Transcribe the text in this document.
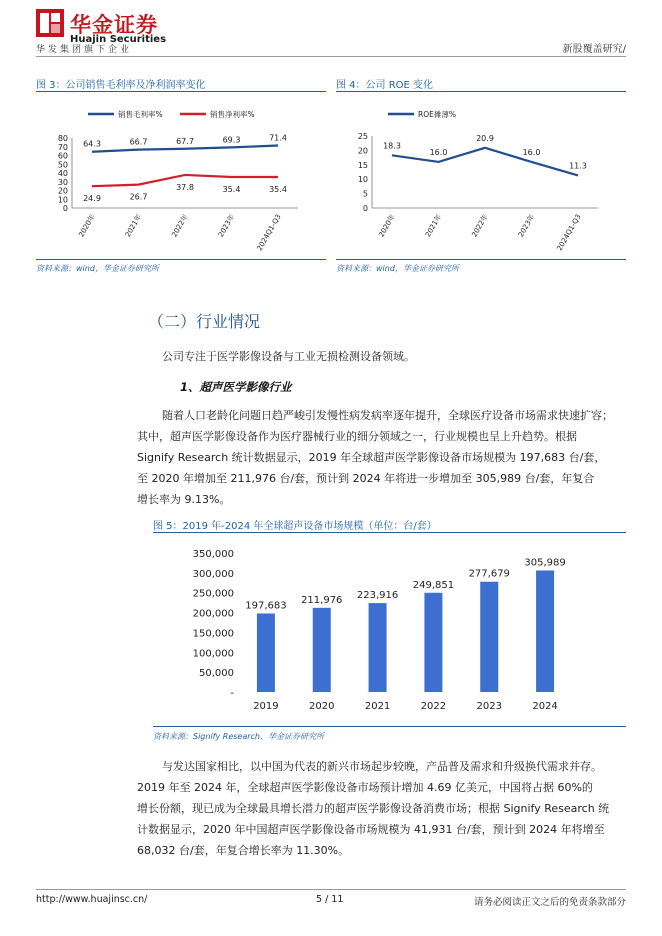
华金证券
Huajin Securities
华发集团旗下企业	新股覆盖研究/
图 3：公司销售毛利率及净利润率变化
销售毛利率%	销售净利率%
0
10
20
30
40
50
60
70
80
2020年	2021年	2022年	2023年	2024Q1-Q3
64.3	66.7	67.7	69.3	71.4
24.9	26.7
37.8	35.4	35.4
资料来源：wind，华金证券研究所
图 4：公司 ROE 变化
ROE摊薄%
0
5
10
15
20
25
2020年	2021年	2022年	2023年	2024Q1-Q3
18.3
16.0
20.9
16.0
11.3
资料来源：wind，华金证券研究所
（二）行业情况
公司专注于医学影像设备与工业无损检测设备领域。
1、超声医学影像行业
随着人口老龄化问题日趋严峻引发慢性病发病率逐年提升，全球医疗设备市场需求快速扩容；
其中，超声医学影像设备作为医疗器械行业的细分领域之一，行业规模也呈上升趋势。根据
Signify Research 统计数据显示，2019 年全球超声医学影像设备市场规模为 197,683 台/套，
至 2020 年增加至 211,976 台/套，预计到 2024 年将进一步增加至 305,989 台/套，年复合
增长率为 9.13%。
图 5：2019 年-2024 年全球超声设备市场规模（单位：台/套）
-
50,000
100,000
150,000
200,000
250,000
300,000
350,000
197,683
2019
211,976
2020
223,916
2021
249,851
2022
277,679
2023
305,989
2024
资料来源：Signify Research、华金证券研究所
与发达国家相比，以中国为代表的新兴市场起步较晚，产品普及需求和升级换代需求并存。
2019 年至 2024 年，全球超声医学影像设备市场预计增加 4.69 亿美元，中国将占据 60%的
增长份额，现已成为全球最具增长潜力的超声医学影像设备消费市场；根据 Signify Research 统
计数据显示，2020 年中国超声医学影像设备市场规模为 41,931 台/套，预计到 2024 年将增至
68,032 台/套，年复合增长率为 11.30%。
http://www.huajinsc.cn/	5 / 11	请务必阅读正文之后的免责条款部分
